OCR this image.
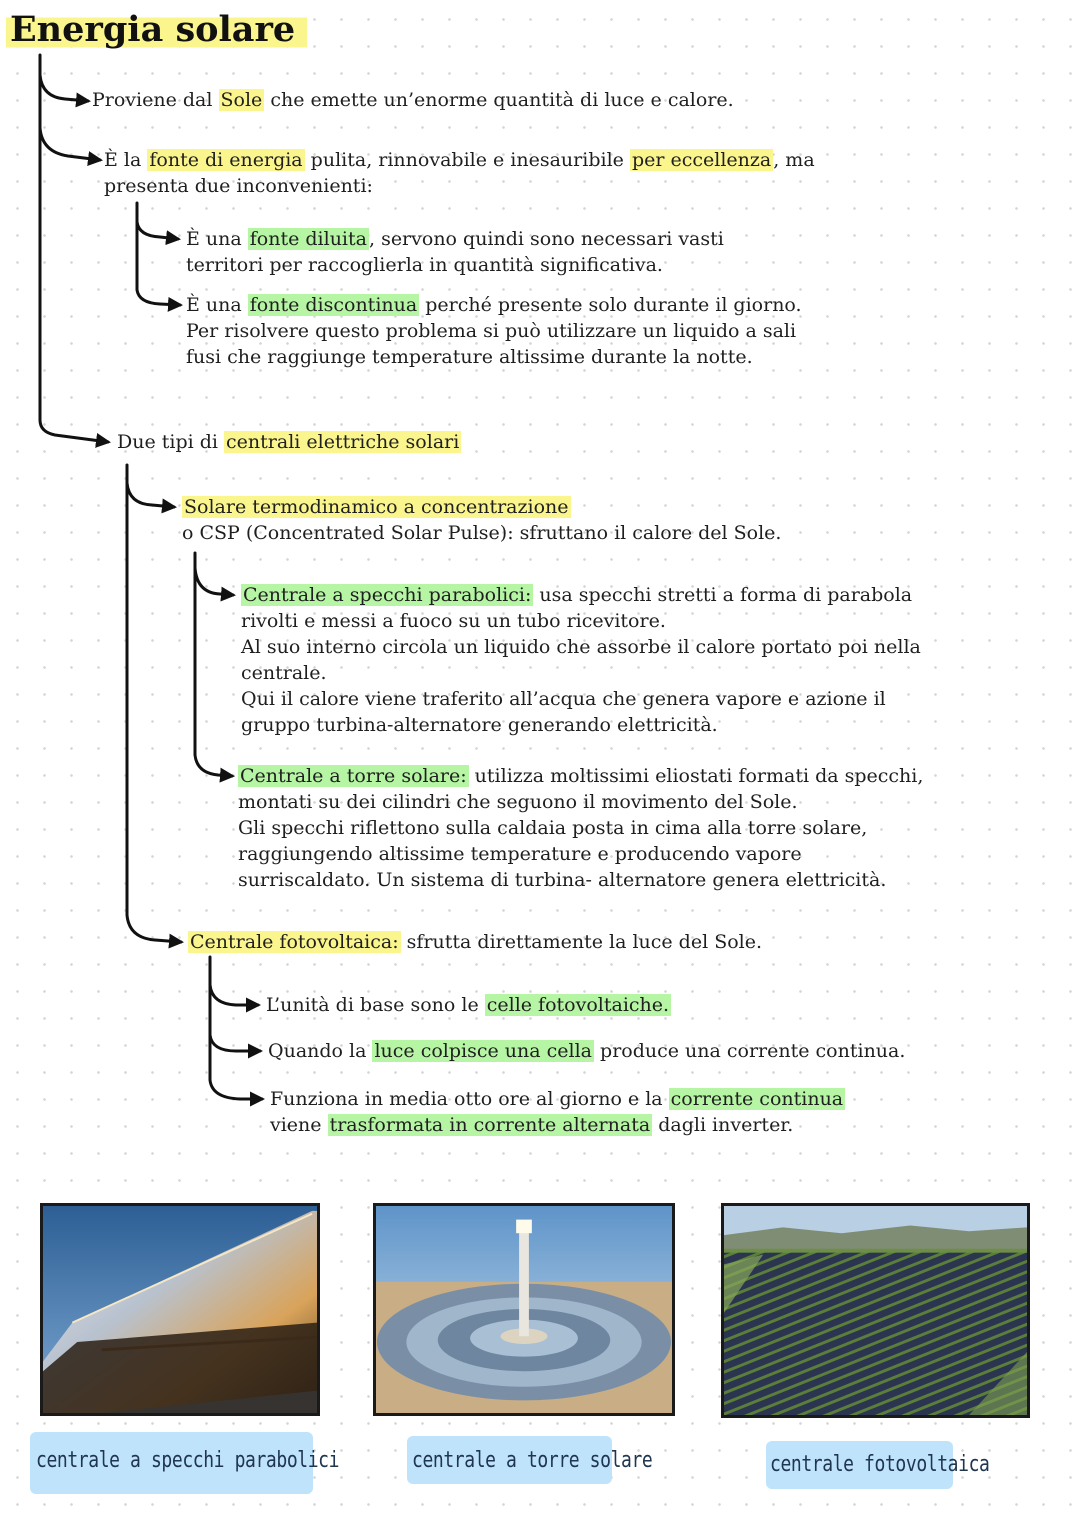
Energia solare

Proviene dal Sole che emette un’enorme quantità di luce e calore.

È la fonte di energia pulita, rinnovabile e inesauribile per eccellenza , ma

presenta due inconvenienti:

È una fonte diluita , servono quindi sono necessari vasti

territori per raccoglierla in quantità significativa.

È una fonte discontinua perché presente solo durante il giorno.

Per risolvere questo problema si può utilizzare un liquido a sali

fusi che raggiunge temperature altissime durante la notte.

Due tipi di centrali elettriche solari

Solare termodinamico a concentrazione

o CSP (Concentrated Solar Pulse): sfruttano il calore del Sole.

Centrale a specchi parabolici: usa specchi stretti a forma di parabola

rivolti e messi a fuoco su un tubo ricevitore.

Al suo interno circola un liquido che assorbe il calore portato poi nella

centrale.

Qui il calore viene traferito all’acqua che genera vapore e azione il

gruppo turbina-alternatore generando elettricità.

Centrale a torre solare: utilizza moltissimi eliostati formati da specchi,

montati su dei cilindri che seguono il movimento del Sole.

Gli specchi riflettono sulla caldaia posta in cima alla torre solare,

raggiungendo altissime temperature e producendo vapore

surriscaldato. Un sistema di turbina- alternatore genera elettricità.

Centrale fotovoltaica: sfrutta direttamente la luce del Sole.

L’unità di base sono le celle fotovoltaiche.

Quando la luce colpisce una cella produce una corrente continua.

Funziona in media otto ore al giorno e la corrente continua

viene trasformata in corrente alternata dagli inverter.

centrale a specchi parabolici	centrale a torre solare	centrale fotovoltaica
